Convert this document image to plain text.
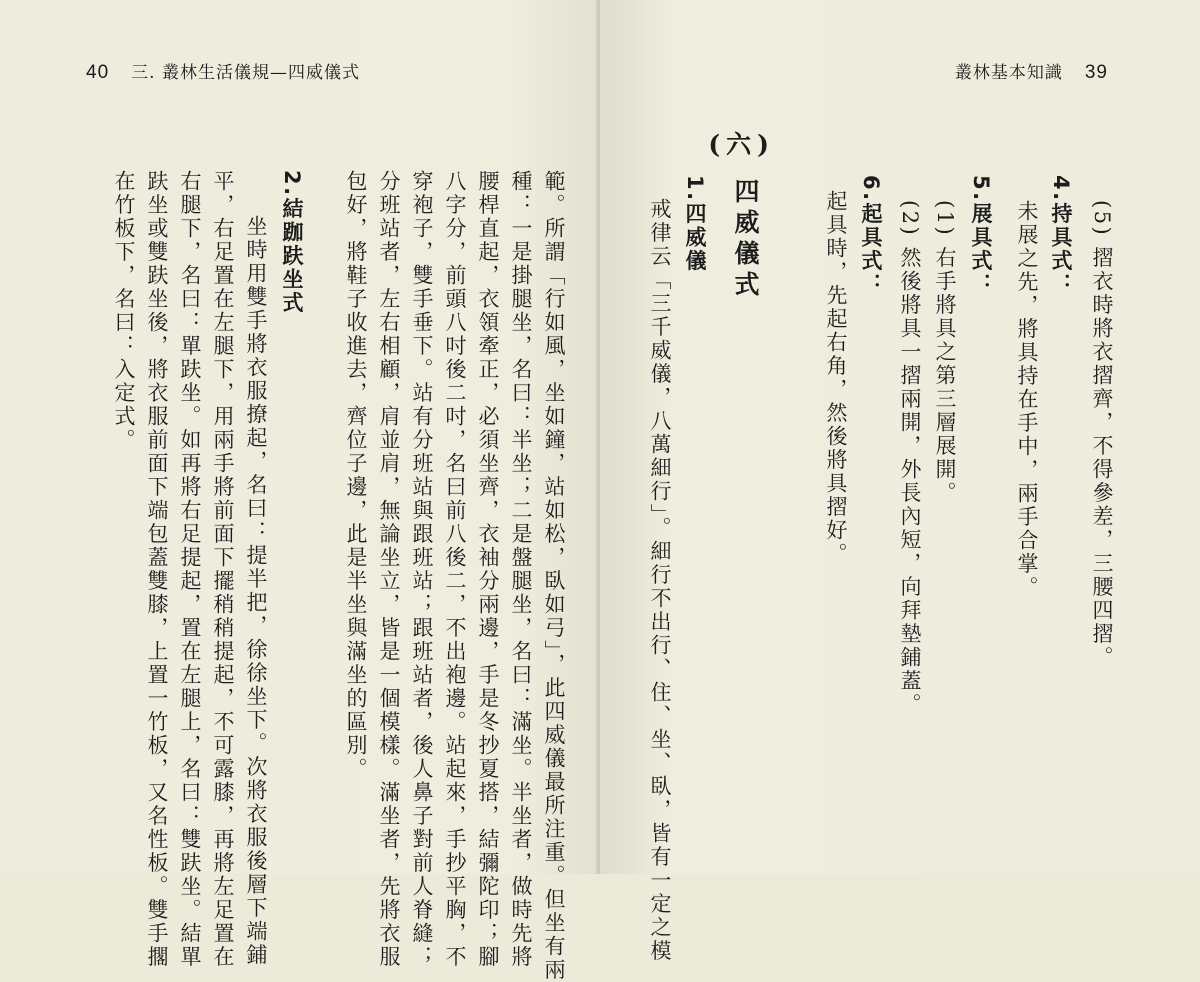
40 三. 叢林生活儀規—四威儀式
範。所謂「行如風，坐如鐘，站如松，臥如弓」，此四威儀最所注重。但坐有兩
種：一是掛腿坐，名曰：半坐；二是盤腿坐，名曰：滿坐。半坐者，做時先將
腰桿直起，衣領牽正，必須坐齊，衣袖分兩邊，手是冬抄夏搭，結彌陀印；腳
八字分，前頭八吋後二吋，名曰前八後二，不出袍邊。站起來，手抄平胸，不
穿袍子，雙手垂下。站有分班站與跟班站；跟班站者，後人鼻子對前人脊縫；
分班站者，左右相顧，肩並肩，無論坐立，皆是一個模樣。滿坐者，先將衣服
包好，將鞋子收進去，齊位子邊，此是半坐與滿坐的區別。
2.結跏趺坐式
坐時用雙手將衣服撩起，名曰：提半把，徐徐坐下。次將衣服後層下端鋪
平，右足置在左腿下，用兩手將前面下擺稍稍提起，不可露膝，再將左足置在
右腿下，名曰：單趺坐。如再將右足提起，置在左腿上，名曰：雙趺坐。結單
趺坐或雙趺坐後，將衣服前面下端包蓋雙膝，上置一竹板，又名性板。雙手擱
在竹板下，名曰：入定式。
叢林基本知識 39
(5) 摺衣時將衣摺齊，不得參差，三腰四摺。
4.持具式：
未展之先，將具持在手中，兩手合掌。
5.展具式：
(1) 右手將具之第三層展開。
(2) 然後將具一摺兩開，外長內短，向拜墊鋪蓋。
6.起具式：
起具時，先起右角，然後將具摺好。
(六)
四威儀式
1.四威儀
戒律云「三千威儀，八萬細行」。細行不出行、住、坐、臥，皆有一定之模
